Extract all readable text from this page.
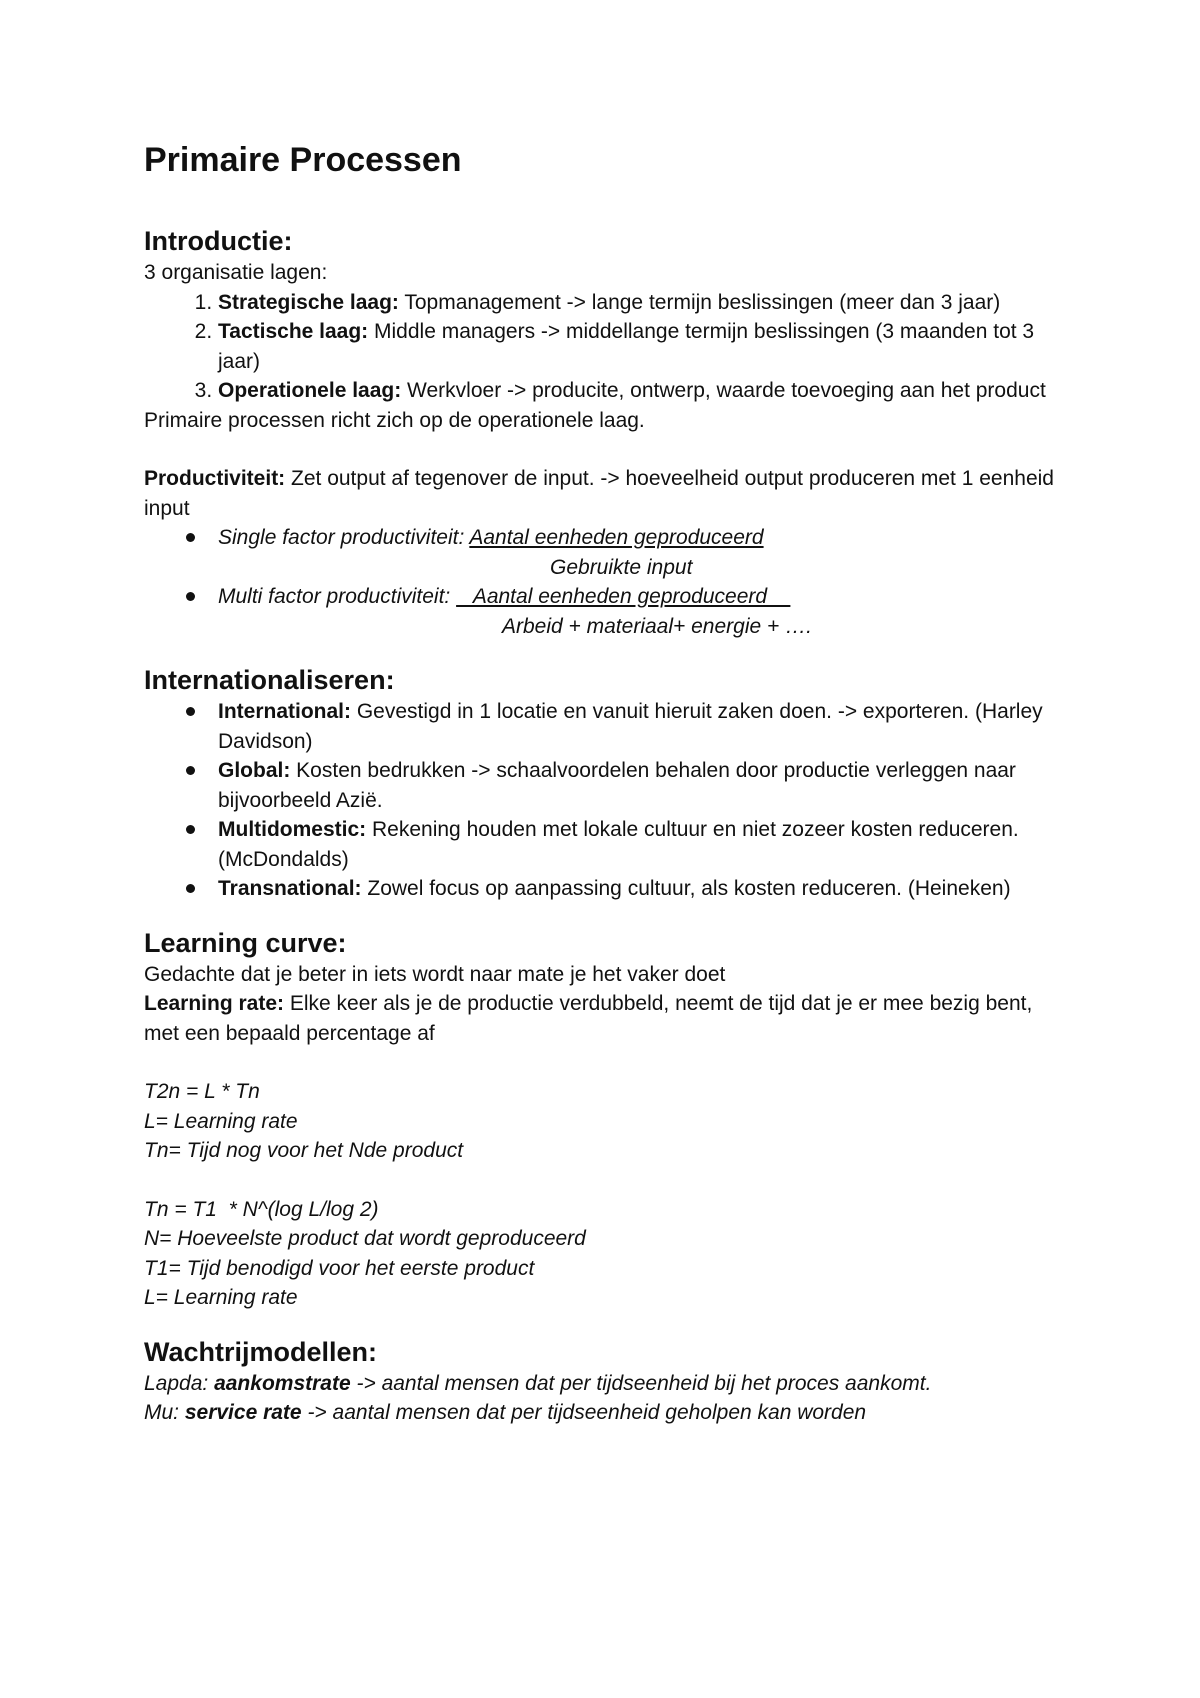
Primaire Processen
Introductie:

3 organisatie lagen:

1. Strategische laag: Topmanagement -> lange termijn beslissingen (meer dan 3 jaar)
2. Tactische laag: Middle managers -> middellange termijn beslissingen (3 maanden tot 3 jaar)
3. Operationele laag: Werkvloer -> producite, ontwerp, waarde toevoeging aan het product

Primaire processen richt zich op de operationele laag.

Productiviteit: Zet output af tegenover de input. -> hoeveelheid output produceren met 1 eenheid input

Single factor productiviteit: Aantal eenheden geproduceerd
Gebruikte input
Multi factor productiviteit:    Aantal eenheden geproduceerd
Arbeid + materiaal+ energie + ….
Internationaliseren:
International: Gevestigd in 1 locatie en vanuit hieruit zaken doen. -> exporteren. (Harley Davidson)
Global: Kosten bedrukken -> schaalvoordelen behalen door productie verleggen naar bijvoorbeeld Azië.
Multidomestic: Rekening houden met lokale cultuur en niet zozeer kosten reduceren. (McDondalds)
Transnational: Zowel focus op aanpassing cultuur, als kosten reduceren. (Heineken)
Learning curve:

Gedachte dat je beter in iets wordt naar mate je het vaker doet

Learning rate: Elke keer als je de productie verdubbeld, neemt de tijd dat je er mee bezig bent, met een bepaald percentage af

T2n = L * Tn

L= Learning rate

Tn= Tijd nog voor het Nde product

Tn = T1  * N^(log L/log 2)

N= Hoeveelste product dat wordt geproduceerd

T1= Tijd benodigd voor het eerste product

L= Learning rate

Wachtrijmodellen:

Lapda: aankomstrate -> aantal mensen dat per tijdseenheid bij het proces aankomt.

Mu: service rate -> aantal mensen dat per tijdseenheid geholpen kan worden
